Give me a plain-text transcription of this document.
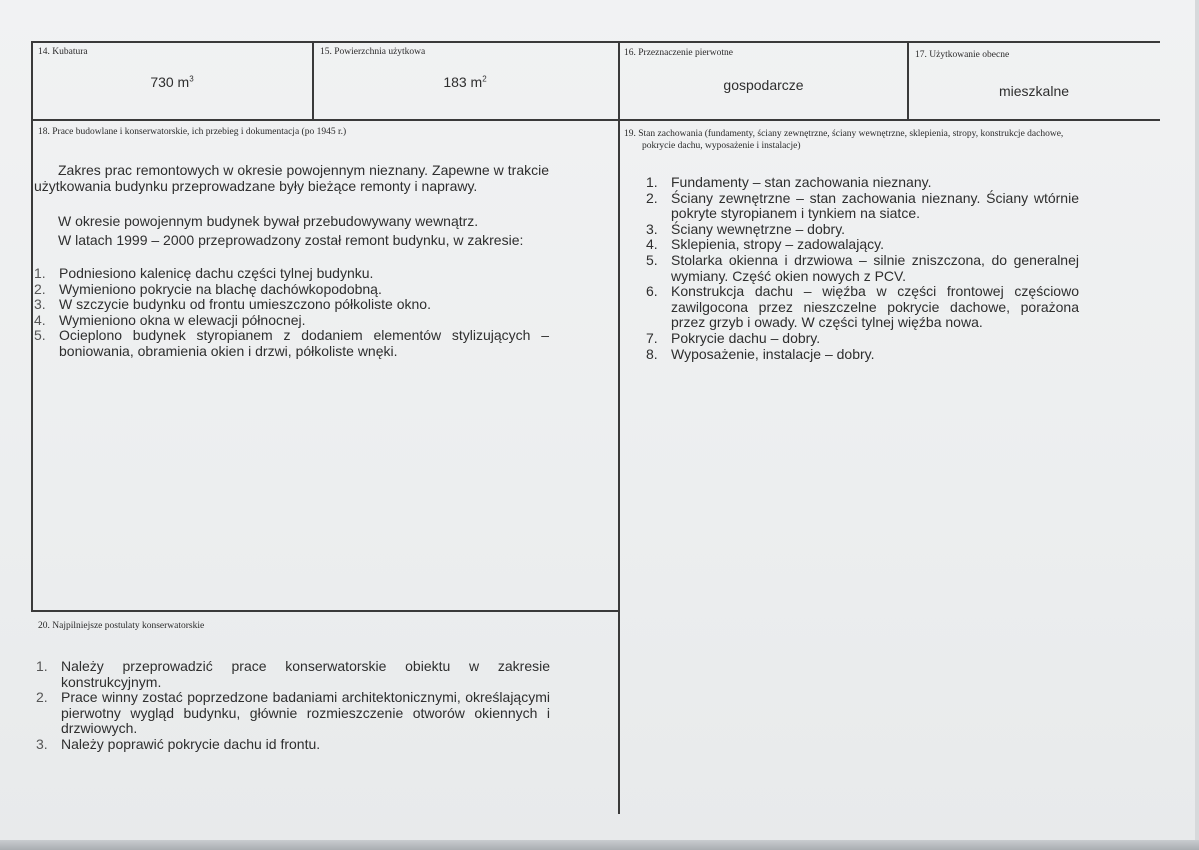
14. Kubatura
730 $m^3$
15. Powierzchnia użytkowa
183 $m^2$
16. Przeznaczenie pierwotne
gospodarcze
17. Użytkowanie obecne
mieszkalne
18. Prace budowlane i konserwatorskie, ich przebieg i dokumentacja (po 1945 r.)
Zakres prac remontowych w okresie powojennym nieznany. Zapewne w trakcie użytkowania budynku przeprowadzane były bieżące remonty i naprawy.
W okresie powojennym budynek bywał przebudowywany wewnątrz.
W latach 1999 – 2000 przeprowadzony został remont budynku, w zakresie:
1. Podniesiono kalenicę dachu części tylnej budynku.
2. Wymieniono pokrycie na blachę dachówkopodobną.
3. W szczycie budynku od frontu umieszczono półkoliste okno.
4. Wymieniono okna w elewacji północnej.
5. Ocieplono budynek styropianem z dodaniem elementów stylizujących – boniowania, obramienia okien i drzwi, półkoliste wnęki.
19. Stan zachowania (fundamenty, ściany zewnętrzne, ściany wewnętrzne, sklepienia, stropy, konstrukcje dachowe,
pokrycie dachu, wyposażenie i instalacje)
1. Fundamenty – stan zachowania nieznany.
2. Ściany zewnętrzne – stan zachowania nieznany. Ściany wtórnie pokryte styropianem i tynkiem na siatce.
3. Ściany wewnętrzne – dobry.
4. Sklepienia, stropy – zadowalający.
5. Stolarka okienna i drzwiowa – silnie zniszczona, do generalnej wymiany. Część okien nowych z PCV.
6. Konstrukcja dachu – więźba w części frontowej częściowo zawilgocona przez nieszczelne pokrycie dachowe, porażona przez grzyb i owady. W części tylnej więźba nowa.
7. Pokrycie dachu – dobry.
8. Wyposażenie, instalacje – dobry.
20. Najpilniejsze postulaty konserwatorskie
1. Należy przeprowadzić prace konserwatorskie obiektu w zakresie konstrukcyjnym.
2. Prace winny zostać poprzedzone badaniami architektonicznymi, określającymi pierwotny wygląd budynku, głównie rozmieszczenie otworów okiennych i drzwiowych.
3. Należy poprawić pokrycie dachu id frontu.
